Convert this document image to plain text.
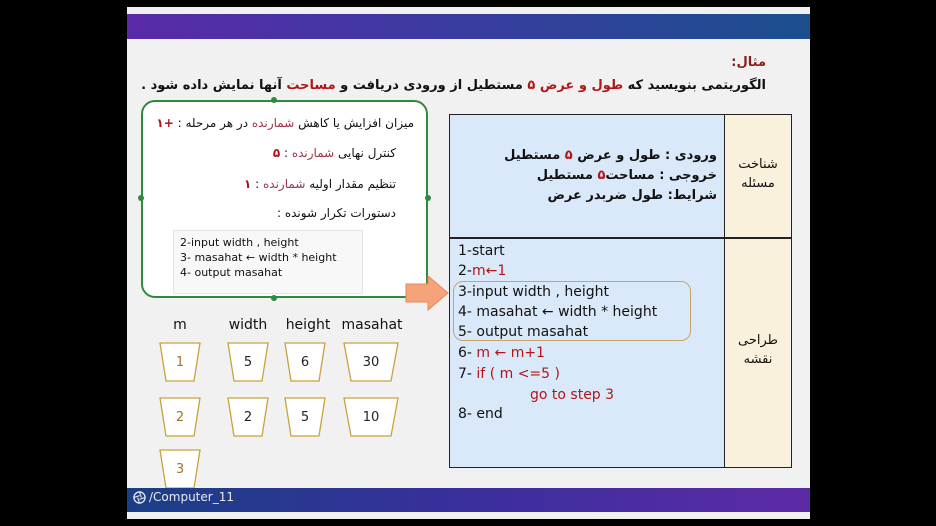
مثال:
الگوریتمی بنویسید که طول و عرض ۵ مستطیل از ورودی دریافت و مساحت آنها نمایش داده شود .
میزان افزایش یا کاهش شمارنده در هر مرحله : +۱
کنترل نهایی شمارنده : ۵
تنظیم مقدار اولیه شمارنده : ۱
دستورات تکرار شونده :
2-input width , height
3- masahat ← width * height
4- output masahat
m	width height masahat
1
2
3
5
2
6
5
30
10
شناخت
مسئله
طراحی
نقشه
ورودی : طول و عرض ۵ مستطیل
خروجی : مساحت۵ مستطیل
شرایط: طول ضربدر عرض
1-start
2-m←1
3-input width , height
4- masahat ← width * height
5- output masahat
6- m ← m+1
7- if ( m <=5 )
go to step 3
8- end
/Computer_11
